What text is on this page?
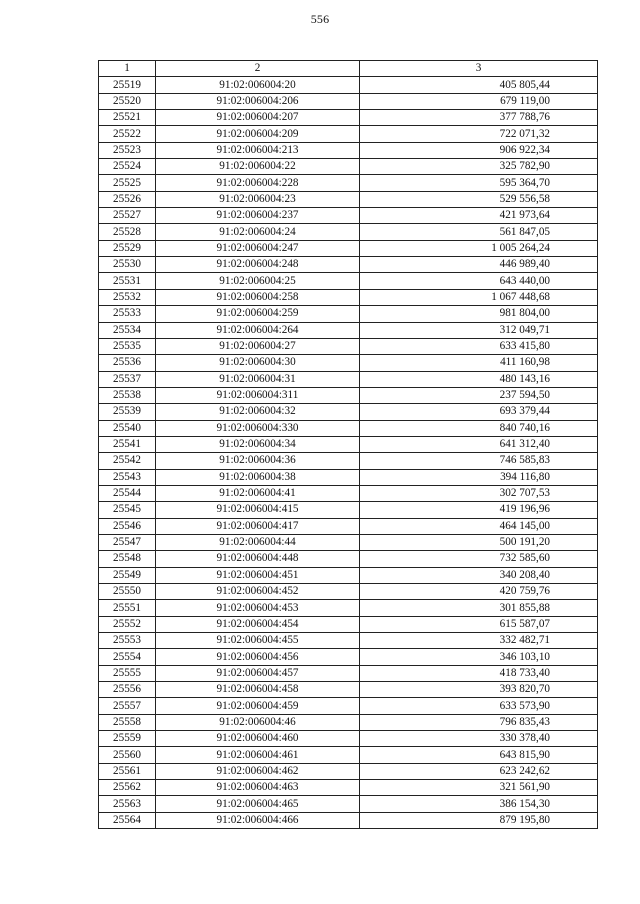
556
1	2	3
25519	91:02:006004:20	405 805,44
25520	91:02:006004:206	679 119,00
25521	91:02:006004:207	377 788,76
25522	91:02:006004:209	722 071,32
25523	91:02:006004:213	906 922,34
25524	91:02:006004:22	325 782,90
25525	91:02:006004:228	595 364,70
25526	91:02:006004:23	529 556,58
25527	91:02:006004:237	421 973,64
25528	91:02:006004:24	561 847,05
25529	91:02:006004:247	1 005 264,24
25530	91:02:006004:248	446 989,40
25531	91:02:006004:25	643 440,00
25532	91:02:006004:258	1 067 448,68
25533	91:02:006004:259	981 804,00
25534	91:02:006004:264	312 049,71
25535	91:02:006004:27	633 415,80
25536	91:02:006004:30	411 160,98
25537	91:02:006004:31	480 143,16
25538	91:02:006004:311	237 594,50
25539	91:02:006004:32	693 379,44
25540	91:02:006004:330	840 740,16
25541	91:02:006004:34	641 312,40
25542	91:02:006004:36	746 585,83
25543	91:02:006004:38	394 116,80
25544	91:02:006004:41	302 707,53
25545	91:02:006004:415	419 196,96
25546	91:02:006004:417	464 145,00
25547	91:02:006004:44	500 191,20
25548	91:02:006004:448	732 585,60
25549	91:02:006004:451	340 208,40
25550	91:02:006004:452	420 759,76
25551	91:02:006004:453	301 855,88
25552	91:02:006004:454	615 587,07
25553	91:02:006004:455	332 482,71
25554	91:02:006004:456	346 103,10
25555	91:02:006004:457	418 733,40
25556	91:02:006004:458	393 820,70
25557	91:02:006004:459	633 573,90
25558	91:02:006004:46	796 835,43
25559	91:02:006004:460	330 378,40
25560	91:02:006004:461	643 815,90
25561	91:02:006004:462	623 242,62
25562	91:02:006004:463	321 561,90
25563	91:02:006004:465	386 154,30
25564	91:02:006004:466	879 195,80
